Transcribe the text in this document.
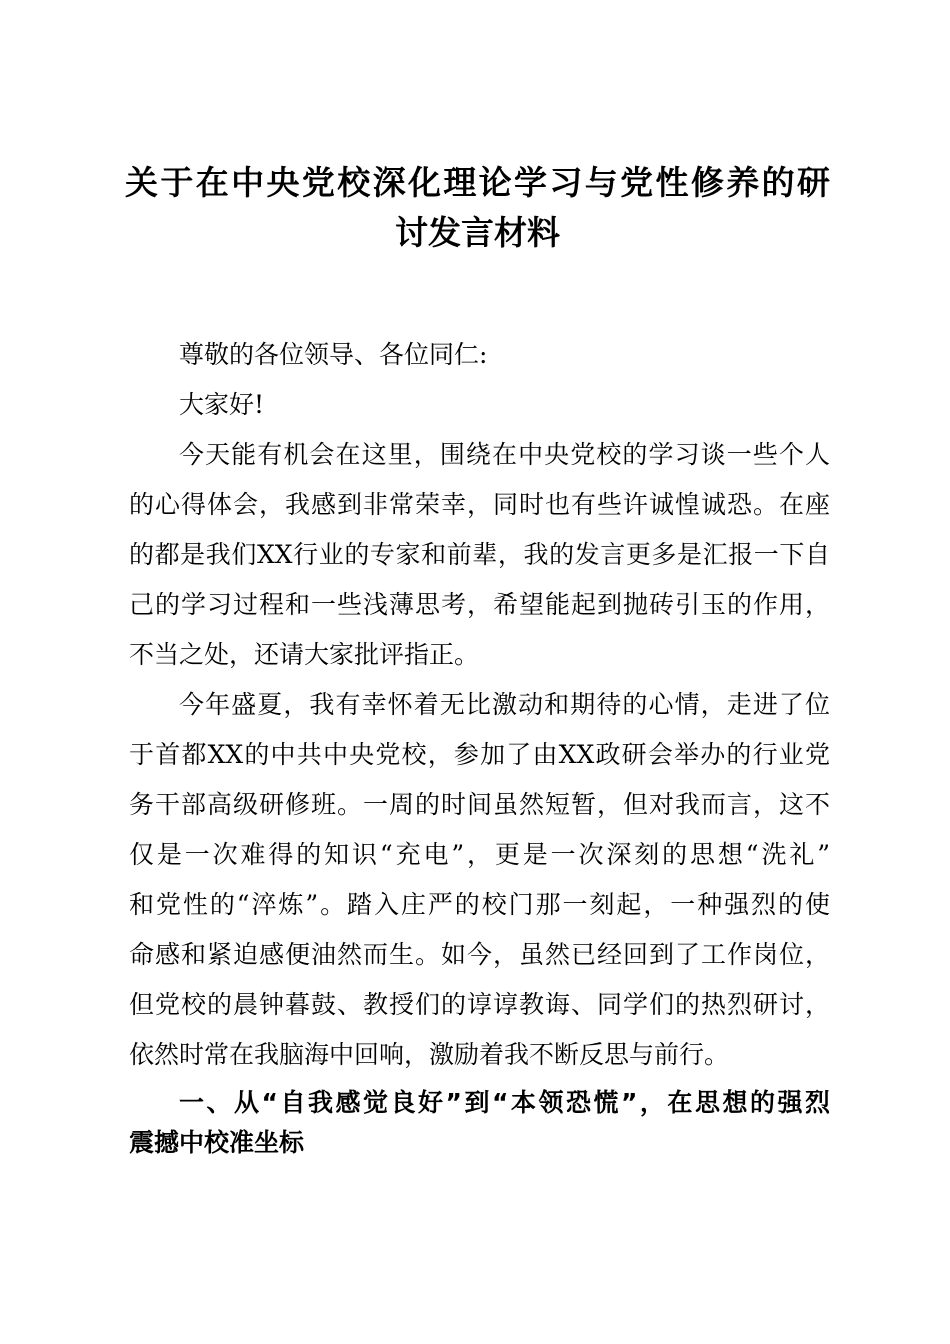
关于在中央党校深化理论学习与党性修养的研
讨发言材料
尊敬的各位领导、各位同仁:
大家好!
今天能有机会在这里，围绕在中央党校的学习谈一些个人
的心得体会，我感到非常荣幸，同时也有些许诚惶诚恐。在座
的都是我们XX行业的专家和前辈，我的发言更多是汇报一下自
己的学习过程和一些浅薄思考，希望能起到抛砖引玉的作用，
不当之处，还请大家批评指正。
今年盛夏，我有幸怀着无比激动和期待的心情，走进了位
于首都XX的中共中央党校，参加了由XX政研会举办的行业党
务干部高级研修班。一周的时间虽然短暂，但对我而言，这不
仅是一次难得的知识“充电”，更是一次深刻的思想“洗礼”
和党性的“淬炼”。踏入庄严的校门那一刻起，一种强烈的使
命感和紧迫感便油然而生。如今，虽然已经回到了工作岗位，
但党校的晨钟暮鼓、教授们的谆谆教诲、同学们的热烈研讨，
依然时常在我脑海中回响，激励着我不断反思与前行。
一、从“自我感觉良好”到“本领恐慌”，在思想的强烈
震撼中校准坐标
